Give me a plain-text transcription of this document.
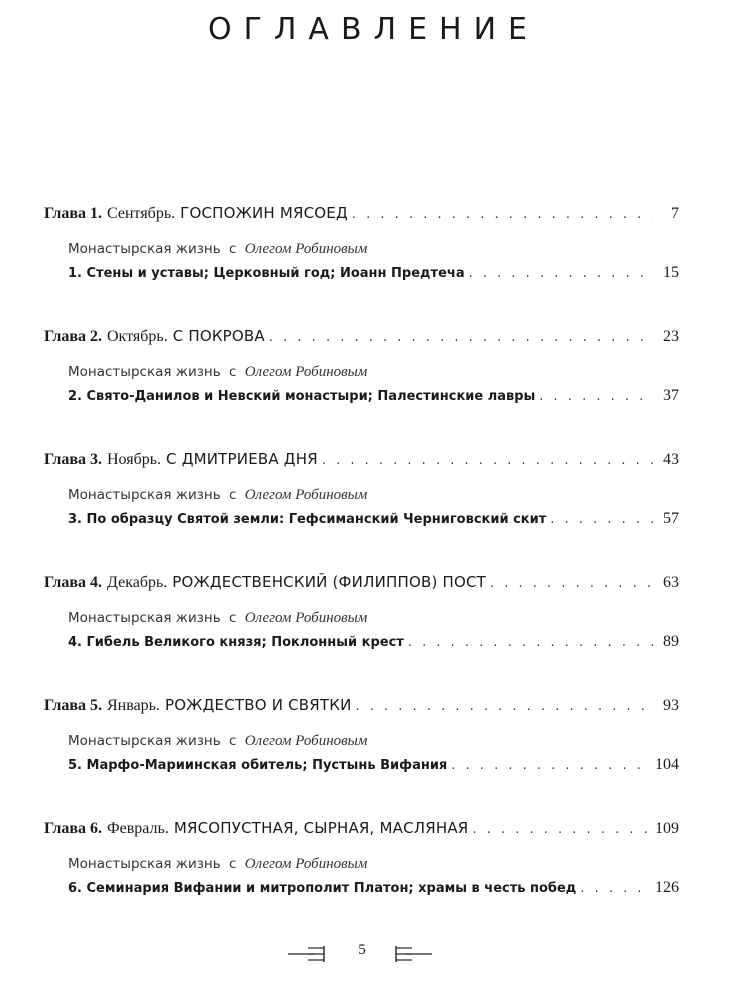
ОГЛАВЛЕНИЕ
Глава 1. Сентябрь. ГОСПОЖИН МЯСОЕД . . .	7
Монастырская жизнь с Олегом Робиновым
1. Стены и уставы; Церковный год; Иоанн Предтеча . . .	15
Глава 2. Октябрь. С ПОКРОВА . . .	23
Монастырская жизнь с Олегом Робиновым
2. Свято-Данилов и Невский монастыри; Палестинские лавры . . .	37
Глава 3. Ноябрь. С ДМИТРИЕВА ДНЯ . . .	43
Монастырская жизнь с Олегом Робиновым
3. По образцу Святой земли: Гефсиманский Черниговский скит . . .	57
Глава 4. Декабрь. РОЖДЕСТВЕНСКИЙ (ФИЛИППОВ) ПОСТ . . .	63
Монастырская жизнь с Олегом Робиновым
4. Гибель Великого князя; Поклонный крест . . .	89
Глава 5. Январь. РОЖДЕСТВО И СВЯТКИ . . .	93
Монастырская жизнь с Олегом Робиновым
5. Марфо-Мариинская обитель; Пустынь Вифания . . .	104
Глава 6. Февраль. МЯСОПУСТНАЯ, СЫРНАЯ, МАСЛЯНАЯ . . .	109
Монастырская жизнь с Олегом Робиновым
6. Семинария Вифании и митрополит Платон; храмы в честь побед . . .	126
5
